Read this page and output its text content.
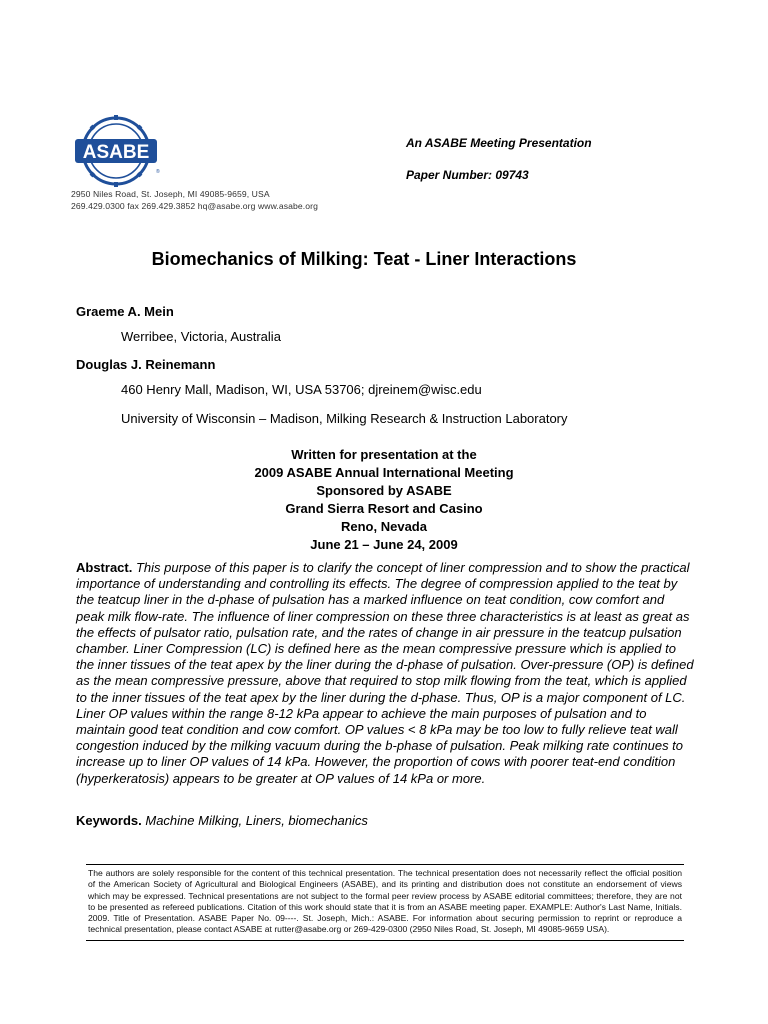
ASABE
®
2950 Niles Road, St. Joseph, MI 49085-9659, USA
269.429.0300 fax 269.429.3852 hq@asabe.org www.asabe.org
An ASABE Meeting Presentation
Paper Number: 09743
Biomechanics of Milking: Teat - Liner Interactions
Graeme A. Mein
Werribee, Victoria, Australia
Douglas J. Reinemann
460 Henry Mall, Madison, WI, USA 53706; djreinem@wisc.edu
University of Wisconsin – Madison, Milking Research & Instruction Laboratory
Written for presentation at the
2009 ASABE Annual International Meeting
Sponsored by ASABE
Grand Sierra Resort and Casino
Reno, Nevada
June 21 – June 24, 2009
Abstract. This purpose of this paper is to clarify the concept of liner compression and to show the practical importance of understanding and controlling its effects. The degree of compression applied to the teat by the teatcup liner in the d-phase of pulsation has a marked influence on teat condition, cow comfort and peak milk flow-rate. The influence of liner compression on these three characteristics is at least as great as the effects of pulsator ratio, pulsation rate, and the rates of change in air pressure in the teatcup pulsation chamber. Liner Compression (LC) is defined here as the mean compressive pressure which is applied to the inner tissues of the teat apex by the liner during the d-phase of pulsation. Over-pressure (OP) is defined as the mean compressive pressure, above that required to stop milk flowing from the teat, which is applied to the inner tissues of the teat apex by the liner during the d-phase. Thus, OP is a major component of LC. Liner OP values within the range 8-12 kPa appear to achieve the main purposes of pulsation and to maintain good teat condition and cow comfort. OP values < 8 kPa may be too low to fully relieve teat wall congestion induced by the milking vacuum during the b-phase of pulsation. Peak milking rate continues to increase up to liner OP values of 14 kPa. However, the proportion of cows with poorer teat-end condition (hyperkeratosis) appears to be greater at OP values of 14 kPa or more.
Keywords. Machine Milking, Liners, biomechanics
The authors are solely responsible for the content of this technical presentation. The technical presentation does not necessarily reflect the official position of the American Society of Agricultural and Biological Engineers (ASABE), and its printing and distribution does not constitute an endorsement of views which may be expressed. Technical presentations are not subject to the formal peer review process by ASABE editorial committees; therefore, they are not to be presented as refereed publications. Citation of this work should state that it is from an ASABE meeting paper. EXAMPLE: Author's Last Name, Initials. 2009. Title of Presentation. ASABE Paper No. 09----. St. Joseph, Mich.: ASABE. For information about securing permission to reprint or reproduce a technical presentation, please contact ASABE at rutter@asabe.org or 269-429-0300 (2950 Niles Road, St. Joseph, MI 49085-9659 USA).
